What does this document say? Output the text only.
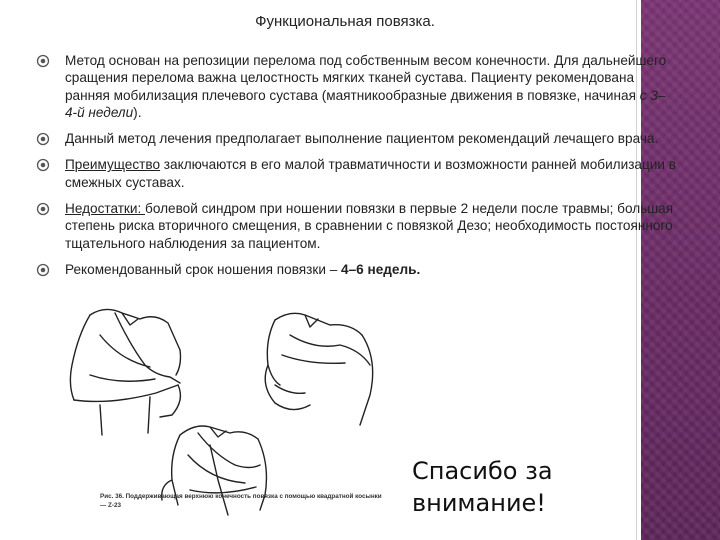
Функциональная повязка.
Метод основан на репозиции перелома под собственным весом конечности. Для дальнейшего сращения перелома важна целостность мягких тканей сустава. Пациенту рекомендована ранняя мобилизация плечевого сустава (маятникообразные движения в повязке, начиная с 3–4-й недели).
Данный метод лечения предполагает выполнение пациентом рекомендаций лечащего врача.
Преимущество заключаются в его малой травматичности и возможности ранней мобилизации в смежных суставах.
Недостатки: болевой синдром при ношении повязки в первые 2 недели после травмы; большая степень риска вторичного смещения, в сравнении с повязкой Дезо; необходимость постоянного тщательного наблюдения за пациентом.
Рекомендованный срок ношения повязки – 4–6 недель.
Рис. 36. Поддерживающая верхнюю конечность повязка с помощью квадратной косынки — Z-23
Спасибо за
внимание!
